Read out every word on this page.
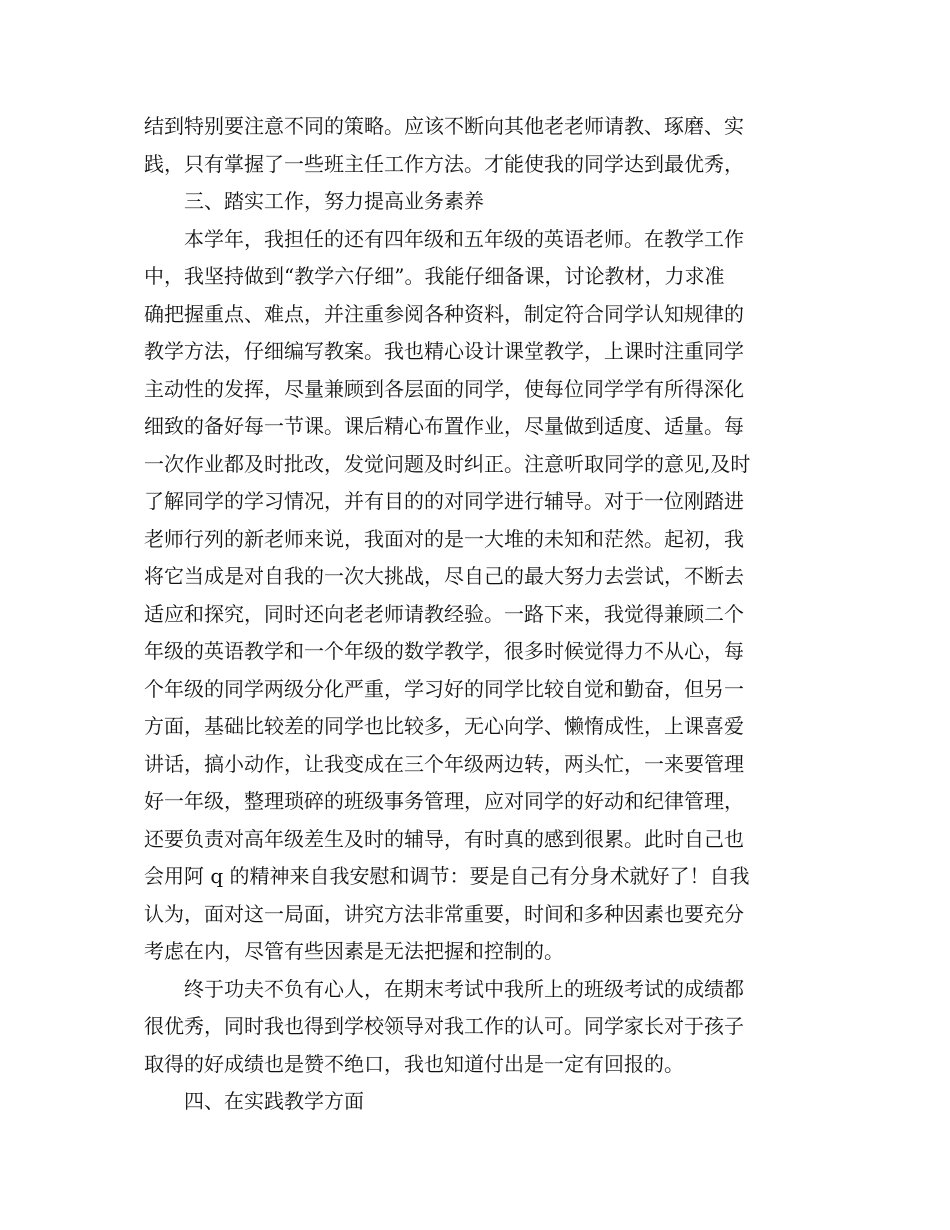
结到特别要注意不同的策略。应该不断向其他老老师请教、琢磨、实
践，只有掌握了一些班主任工作方法。才能使我的同学达到最优秀，
　　三、踏实工作，努力提高业务素养
　　本学年，我担任的还有四年级和五年级的英语老师。在教学工作
中，我坚持做到“教学六仔细”。我能仔细备课，讨论教材，力求准
确把握重点、难点，并注重参阅各种资料，制定符合同学认知规律的
教学方法，仔细编写教案。我也精心设计课堂教学，上课时注重同学
主动性的发挥，尽量兼顾到各层面的同学，使每位同学学有所得深化
细致的备好每一节课。课后精心布置作业，尽量做到适度、适量。每
一次作业都及时批改，发觉问题及时纠正。注意听取同学的意见,及时
了解同学的学习情况，并有目的的对同学进行辅导。对于一位刚踏进
老师行列的新老师来说，我面对的是一大堆的未知和茫然。起初，我
将它当成是对自我的一次大挑战，尽自己的最大努力去尝试，不断去
适应和探究，同时还向老老师请教经验。一路下来，我觉得兼顾二个
年级的英语教学和一个年级的数学教学，很多时候觉得力不从心，每
个年级的同学两级分化严重，学习好的同学比较自觉和勤奋，但另一
方面，基础比较差的同学也比较多，无心向学、懒惰成性，上课喜爱
讲话，搞小动作，让我变成在三个年级两边转，两头忙，一来要管理
好一年级，整理琐碎的班级事务管理，应对同学的好动和纪律管理，
还要负责对高年级差生及时的辅导，有时真的感到很累。此时自己也
会用阿 q 的精神来自我安慰和调节：要是自己有分身术就好了！自我
认为，面对这一局面，讲究方法非常重要，时间和多种因素也要充分
考虑在内，尽管有些因素是无法把握和控制的。
　　终于功夫不负有心人，在期末考试中我所上的班级考试的成绩都
很优秀，同时我也得到学校领导对我工作的认可。同学家长对于孩子
取得的好成绩也是赞不绝口，我也知道付出是一定有回报的。
　　四、在实践教学方面
